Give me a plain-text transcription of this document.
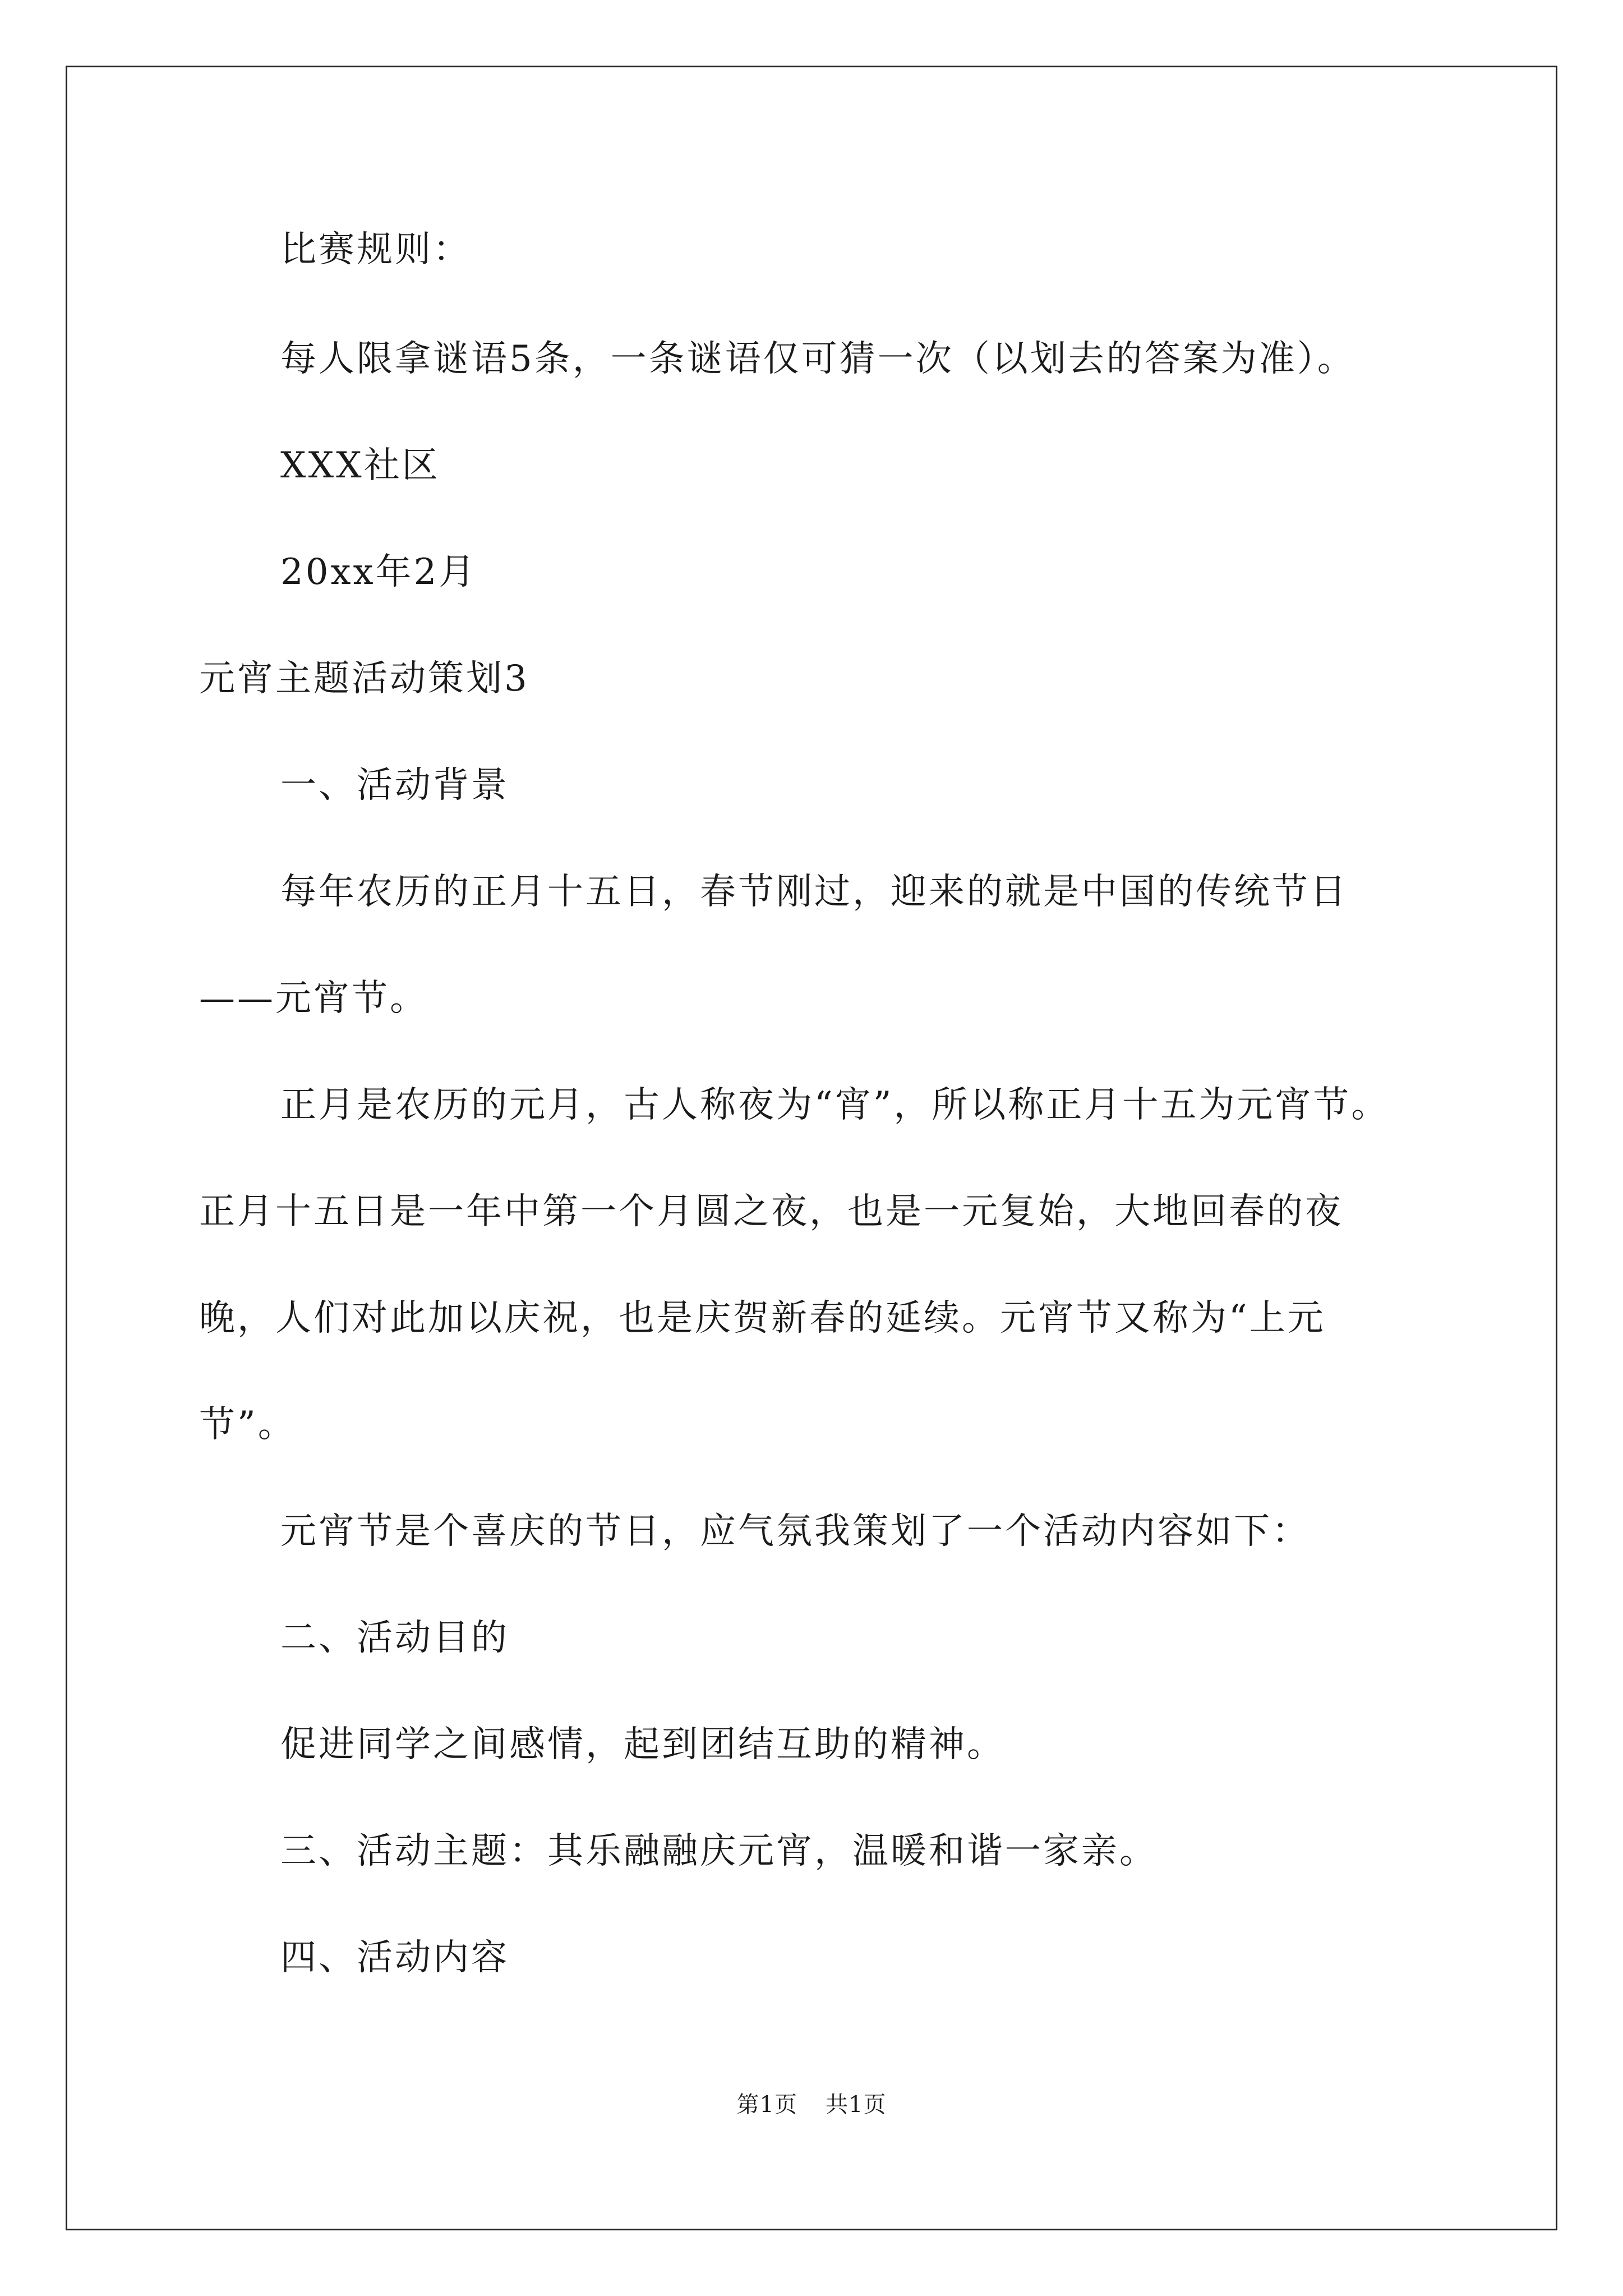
比赛规则：
每人限拿谜语5条，一条谜语仅可猜一次（以划去的答案为准）。
XXX社区
20xx年2月
元宵主题活动策划3
一、活动背景
每年农历的正月十五日，春节刚过，迎来的就是中国的传统节日
——元宵节。
正月是农历的元月，古人称夜为“宵”，所以称正月十五为元宵节。
正月十五日是一年中第一个月圆之夜，也是一元复始，大地回春的夜
晚，人们对此加以庆祝，也是庆贺新春的延续。元宵节又称为“上元
节”。
元宵节是个喜庆的节日，应气氛我策划了一个活动内容如下：
二、活动目的
促进同学之间感情，起到团结互助的精神。
三、活动主题：其乐融融庆元宵，温暖和谐一家亲。
四、活动内容
第1页 共1页
